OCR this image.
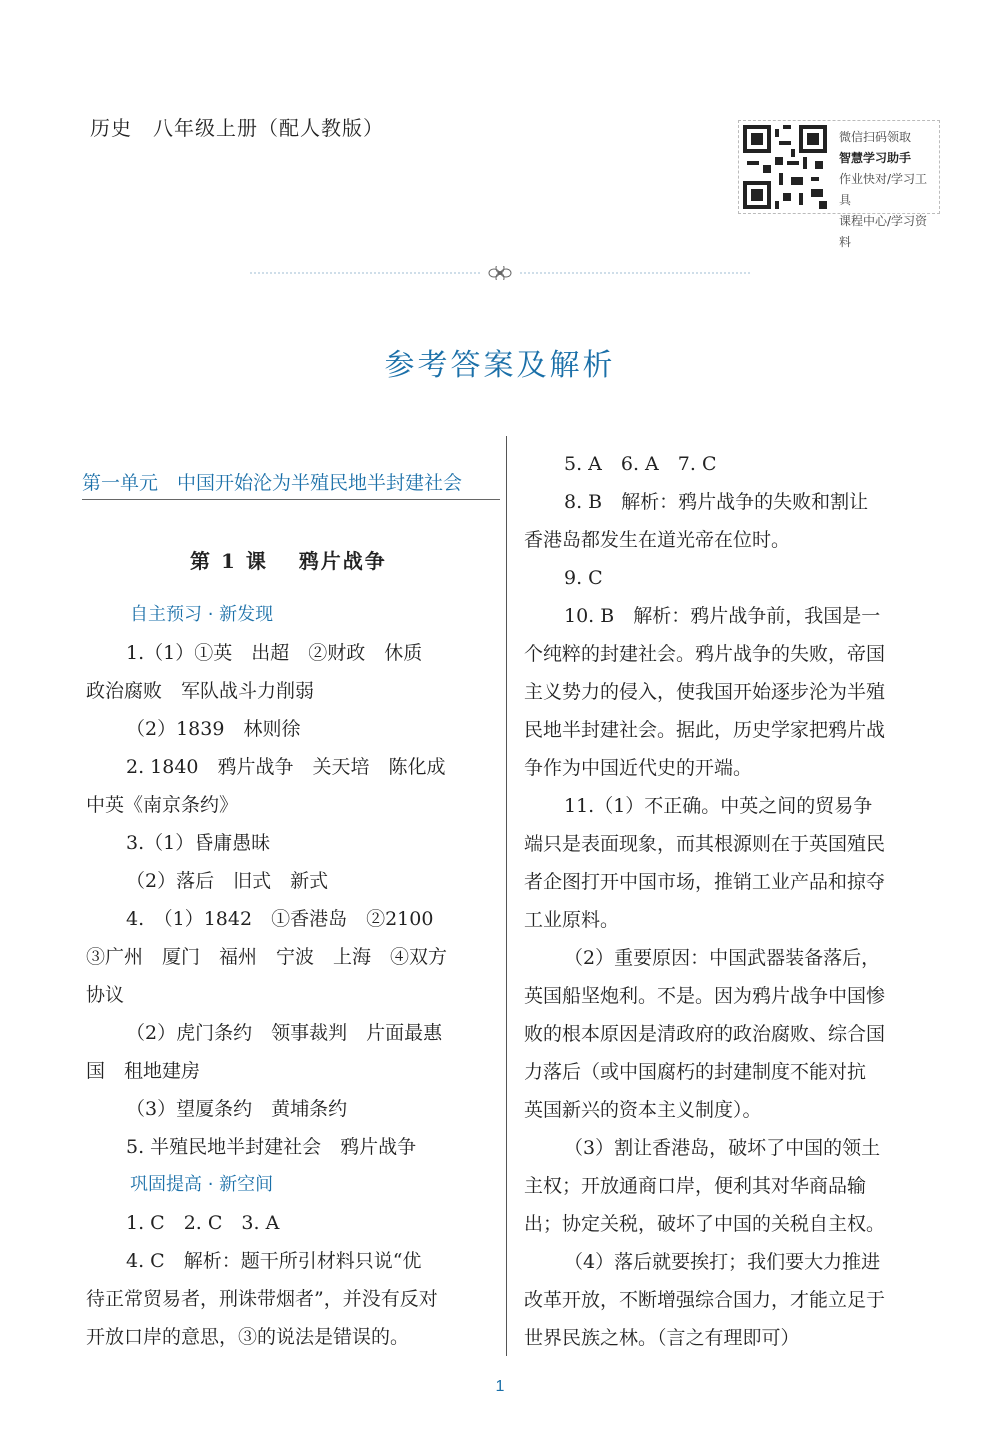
历史　八年级上册（配人教版）	微信扫码领取
智慧学习助手
作业快对/学习工具
课程中心/学习资料
参考答案及解析
第一单元　中国开始沦为半殖民地半封建社会
第 1 课　 鸦片战争
自主预习 · 新发现
1.（1）①英　出超　②财政　休质
政治腐败　军队战斗力削弱
（2）1839　林则徐
2. 1840　鸦片战争　关天培　陈化成
中英《南京条约》
3.（1）昏庸愚昧
（2）落后　旧式　新式
4.　（1）1842　①香港岛　②2100
③广州　厦门　福州　宁波　上海　④双方
协议
（2）虎门条约　领事裁判　片面最惠
国　租地建房
（3）望厦条约　黄埔条约
5. 半殖民地半封建社会　鸦片战争
巩固提高 · 新空间
1. C　2. C　3. A
4. C　解析：题干所引材料只说“优
待正常贸易者，刑诛带烟者”，并没有反对
开放口岸的意思，③的说法是错误的。
5. A　6. A　7. C
8. B　解析：鸦片战争的失败和割让
香港岛都发生在道光帝在位时。
9. C
10. B　解析：鸦片战争前，我国是一
个纯粹的封建社会。鸦片战争的失败，帝国
主义势力的侵入，使我国开始逐步沦为半殖
民地半封建社会。据此，历史学家把鸦片战
争作为中国近代史的开端。
11.（1）不正确。中英之间的贸易争
端只是表面现象，而其根源则在于英国殖民
者企图打开中国市场，推销工业产品和掠夺
工业原料。
（2）重要原因：中国武器装备落后，
英国船坚炮利。不是。因为鸦片战争中国惨
败的根本原因是清政府的政治腐败、综合国
力落后（或中国腐朽的封建制度不能对抗
英国新兴的资本主义制度）。
（3）割让香港岛，破坏了中国的领土
主权；开放通商口岸，便利其对华商品输
出；协定关税，破坏了中国的关税自主权。
（4）落后就要挨打；我们要大力推进
改革开放，不断增强综合国力，才能立足于
世界民族之林。（言之有理即可）
1
